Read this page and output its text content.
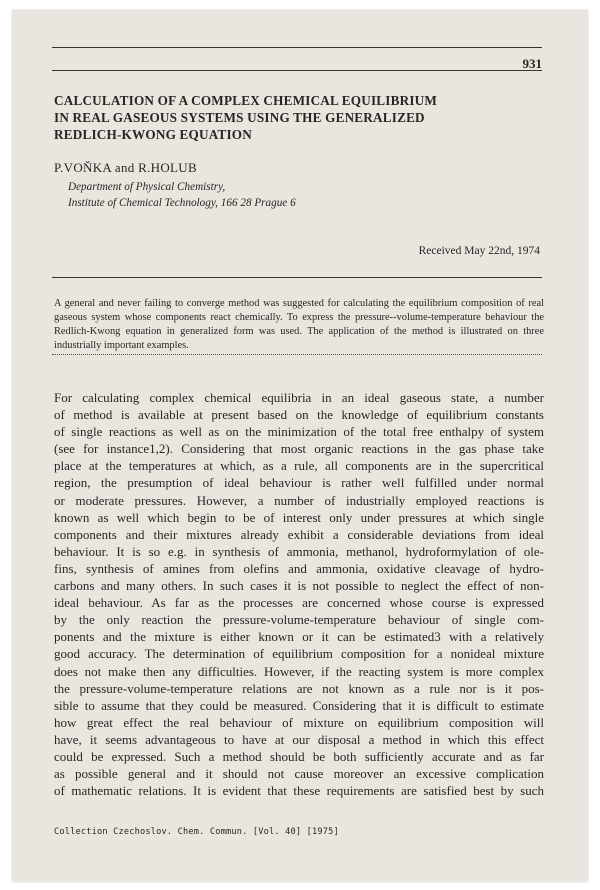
931
CALCULATION OF A COMPLEX CHEMICAL EQUILIBRIUM
IN REAL GASEOUS SYSTEMS USING THE GENERALIZED
REDLICH-KWONG EQUATION
P.VOŇKA and R.HOLUB
Department of Physical Chemistry,
Institute of Chemical Technology, 166 28 Prague 6
Received May 22nd, 1974

A general and never failing to converge method was suggested for calculating the equilibrium composition of real gaseous system whose components react chemically. To express the pressure--volume-temperature behaviour the Redlich-Kwong equation in generalized form was used. The application of the method is illustrated on three industrially important examples.

For calculating complex chemical equilibria in an ideal gaseous state, a number
of method is available at present based on the knowledge of equilibrium constants
of single reactions as well as on the minimization of the total free enthalpy of system
(see for instance1,2). Considering that most organic reactions in the gas phase take
place at the temperatures at which, as a rule, all components are in the supercritical
region, the presumption of ideal behaviour is rather well fulfilled under normal
or moderate pressures. However, a number of industrially employed reactions is
known as well which begin to be of interest only under pressures at which single
components and their mixtures already exhibit a considerable deviations from ideal
behaviour. It is so e.g. in synthesis of ammonia, methanol, hydroformylation of ole-
fins, synthesis of amines from olefins and ammonia, oxidative cleavage of hydro-
carbons and many others. In such cases it is not possible to neglect the effect of non-
ideal behaviour. As far as the processes are concerned whose course is expressed
by the only reaction the pressure-volume-temperature behaviour of single com-
ponents and the mixture is either known or it can be estimated3 with a relatively
good accuracy. The determination of equilibrium composition for a nonideal mixture
does not make then any difficulties. However, if the reacting system is more complex
the pressure-volume-temperature relations are not known as a rule nor is it pos-
sible to assume that they could be measured. Considering that it is difficult to estimate
how great effect the real behaviour of mixture on equilibrium composition will
have, it seems advantageous to have at our disposal a method in which this effect
could be expressed. Such a method should be both sufficiently accurate and as far
as possible general and it should not cause moreover an excessive complication
of mathematic relations. It is evident that these requirements are satisfied best by such
Collection Czechoslov. Chem. Commun. [Vol. 40] [1975]
